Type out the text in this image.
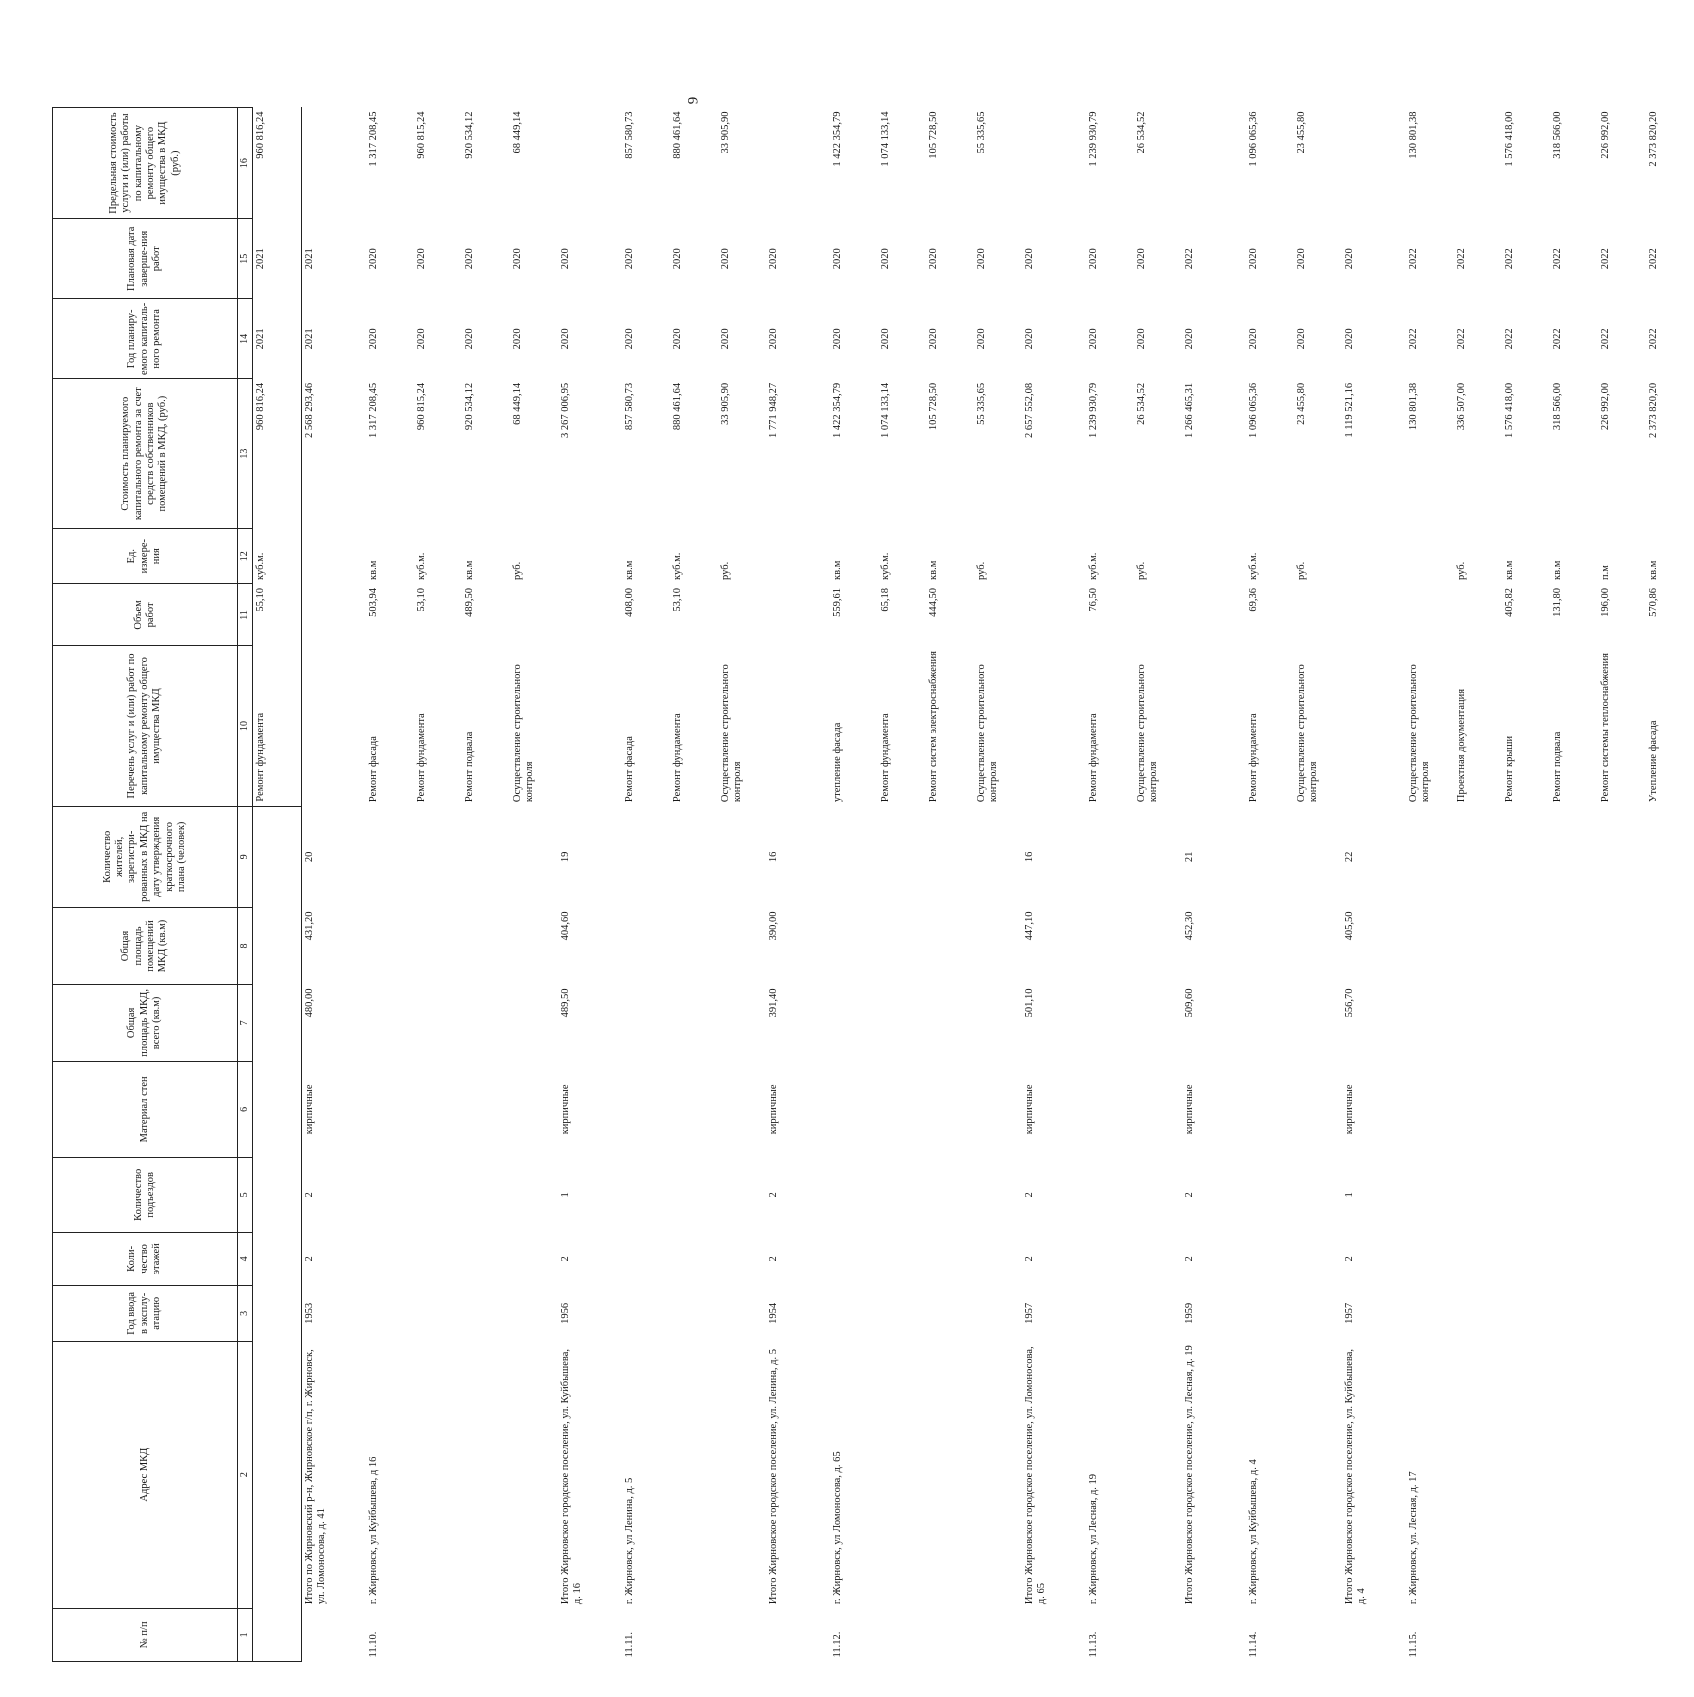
9
№ п/п	Адрес МКД	Год ввода в эксплу-атацию	Коли-чество этажей	Количество подъездов	Материал стен	Общая площадь МКД, всего (кв.м)	Общая площадь помещений МКД (кв.м)	Количество жителей, зарегистри-рованных в МКД на дату утверждения краткосрочного плана (человек)	Перечень услуг и (или) работ по капитальному ремонту общего имущества МКД	Объем работ	Ед. измере-ния	Стоимость планируемого капитального ремонта за счет средств собственников помещений в МКД, (руб.)	Год планиру-емого капиталь-ного ремонта	Плановая дата заверше-ния работ	Предельная стоимость услуги и (или) работы по капитальному ремонту общего имущества в МКД (руб.)
1	2	3	4	5	6	7	8	9	10	11	12	13	14	15	16
									Ремонт фундамента	55,10	куб.м.	960 816,24	2021	2021	960 816,24
	Итого по Жирновский р-н, Жирновское г/п, г. Жирновск, ул. Ломоносова, д. 41	1953	2	2	кирпичные	480,00	431,20	20				2 568 293,46	2021	2021	
11.10.	г. Жирновск, ул Куйбышева, д 16								Ремонт фасада	503,94	кв.м	1 317 208,45	2020	2020	1 317 208,45
									Ремонт фундамента	53,10	куб.м.	960 815,24	2020	2020	960 815,24
									Ремонт подвала	489,50	кв.м	920 534,12	2020	2020	920 534,12
									Осуществление строительного контроля		руб.	68 449,14	2020	2020	68 449,14
	Итого Жирновское городское поселение, ул. Куйбышева, д. 16	1956	2	1	кирпичные	489,50	404,60	19				3 267 006,95	2020	2020	
11.11.	г. Жирновск, ул Ленина, д. 5								Ремонт фасада	408,00	кв.м	857 580,73	2020	2020	857 580,73
									Ремонт фундамента	53,10	куб.м.	880 461,64	2020	2020	880 461,64
									Осуществление строительного контроля		руб.	33 905,90	2020	2020	33 905,90
	Итого Жирновское городское поселение, ул. Ленина, д. 5	1954	2	2	кирпичные	391,40	390,00	16				1 771 948,27	2020	2020	
11.12.	г. Жирновск, ул Ломоносова, д. 65								утепление фасада	559,61	кв.м	1 422 354,79	2020	2020	1 422 354,79
									Ремонт фундамента	65,18	куб.м.	1 074 133,14	2020	2020	1 074 133,14
									Ремонт систем электроснабжения	444,50	кв.м	105 728,50	2020	2020	105 728,50
									Осуществление строительного контроля		руб.	55 335,65	2020	2020	55 335,65
	Итого Жирновское городское поселение, ул. Ломоносова, д. 65	1957	2	2	кирпичные	501,10	447,10	16				2 657 552,08	2020	2020	
11.13.	г. Жирновск, ул Лесная, д. 19								Ремонт фундамента	76,50	куб.м.	1 239 930,79	2020	2020	1 239 930,79
									Осуществление строительного контроля		руб.	26 534,52	2020	2020	26 534,52
	Итого Жирновское городское поселение, ул. Лесная, д. 19	1959	2	2	кирпичные	509,60	452,30	21				1 266 465,31	2020	2022	
11.14.	г. Жирновск, ул Куйбышева, д. 4								Ремонт фундамента	69,36	куб.м.	1 096 065,36	2020	2020	1 096 065,36
									Осуществление строительного контроля		руб.	23 455,80	2020	2020	23 455,80
	Итого Жирновское городское поселение, ул. Куйбышева, д. 4	1957	2	1	кирпичные	556,70	405,50	22				1 119 521,16	2020	2020	
11.15.	г. Жирновск, ул. Лесная, д. 17								Осуществление строительного контроля			130 801,38	2022	2022	130 801,38
									Проектная документация		руб.	336 507,00	2022	2022	
									Ремонт крыши	405,82	кв.м	1 576 418,00	2022	2022	1 576 418,00
									Ремонт подвала	131,80	кв.м	318 566,00	2022	2022	318 566,00
									Ремонт системы теплоснабжения	196,00	п.м	226 992,00	2022	2022	226 992,00
									Утепление фасада	570,86	кв.м	2 373 820,20	2022	2022	2 373 820,20
